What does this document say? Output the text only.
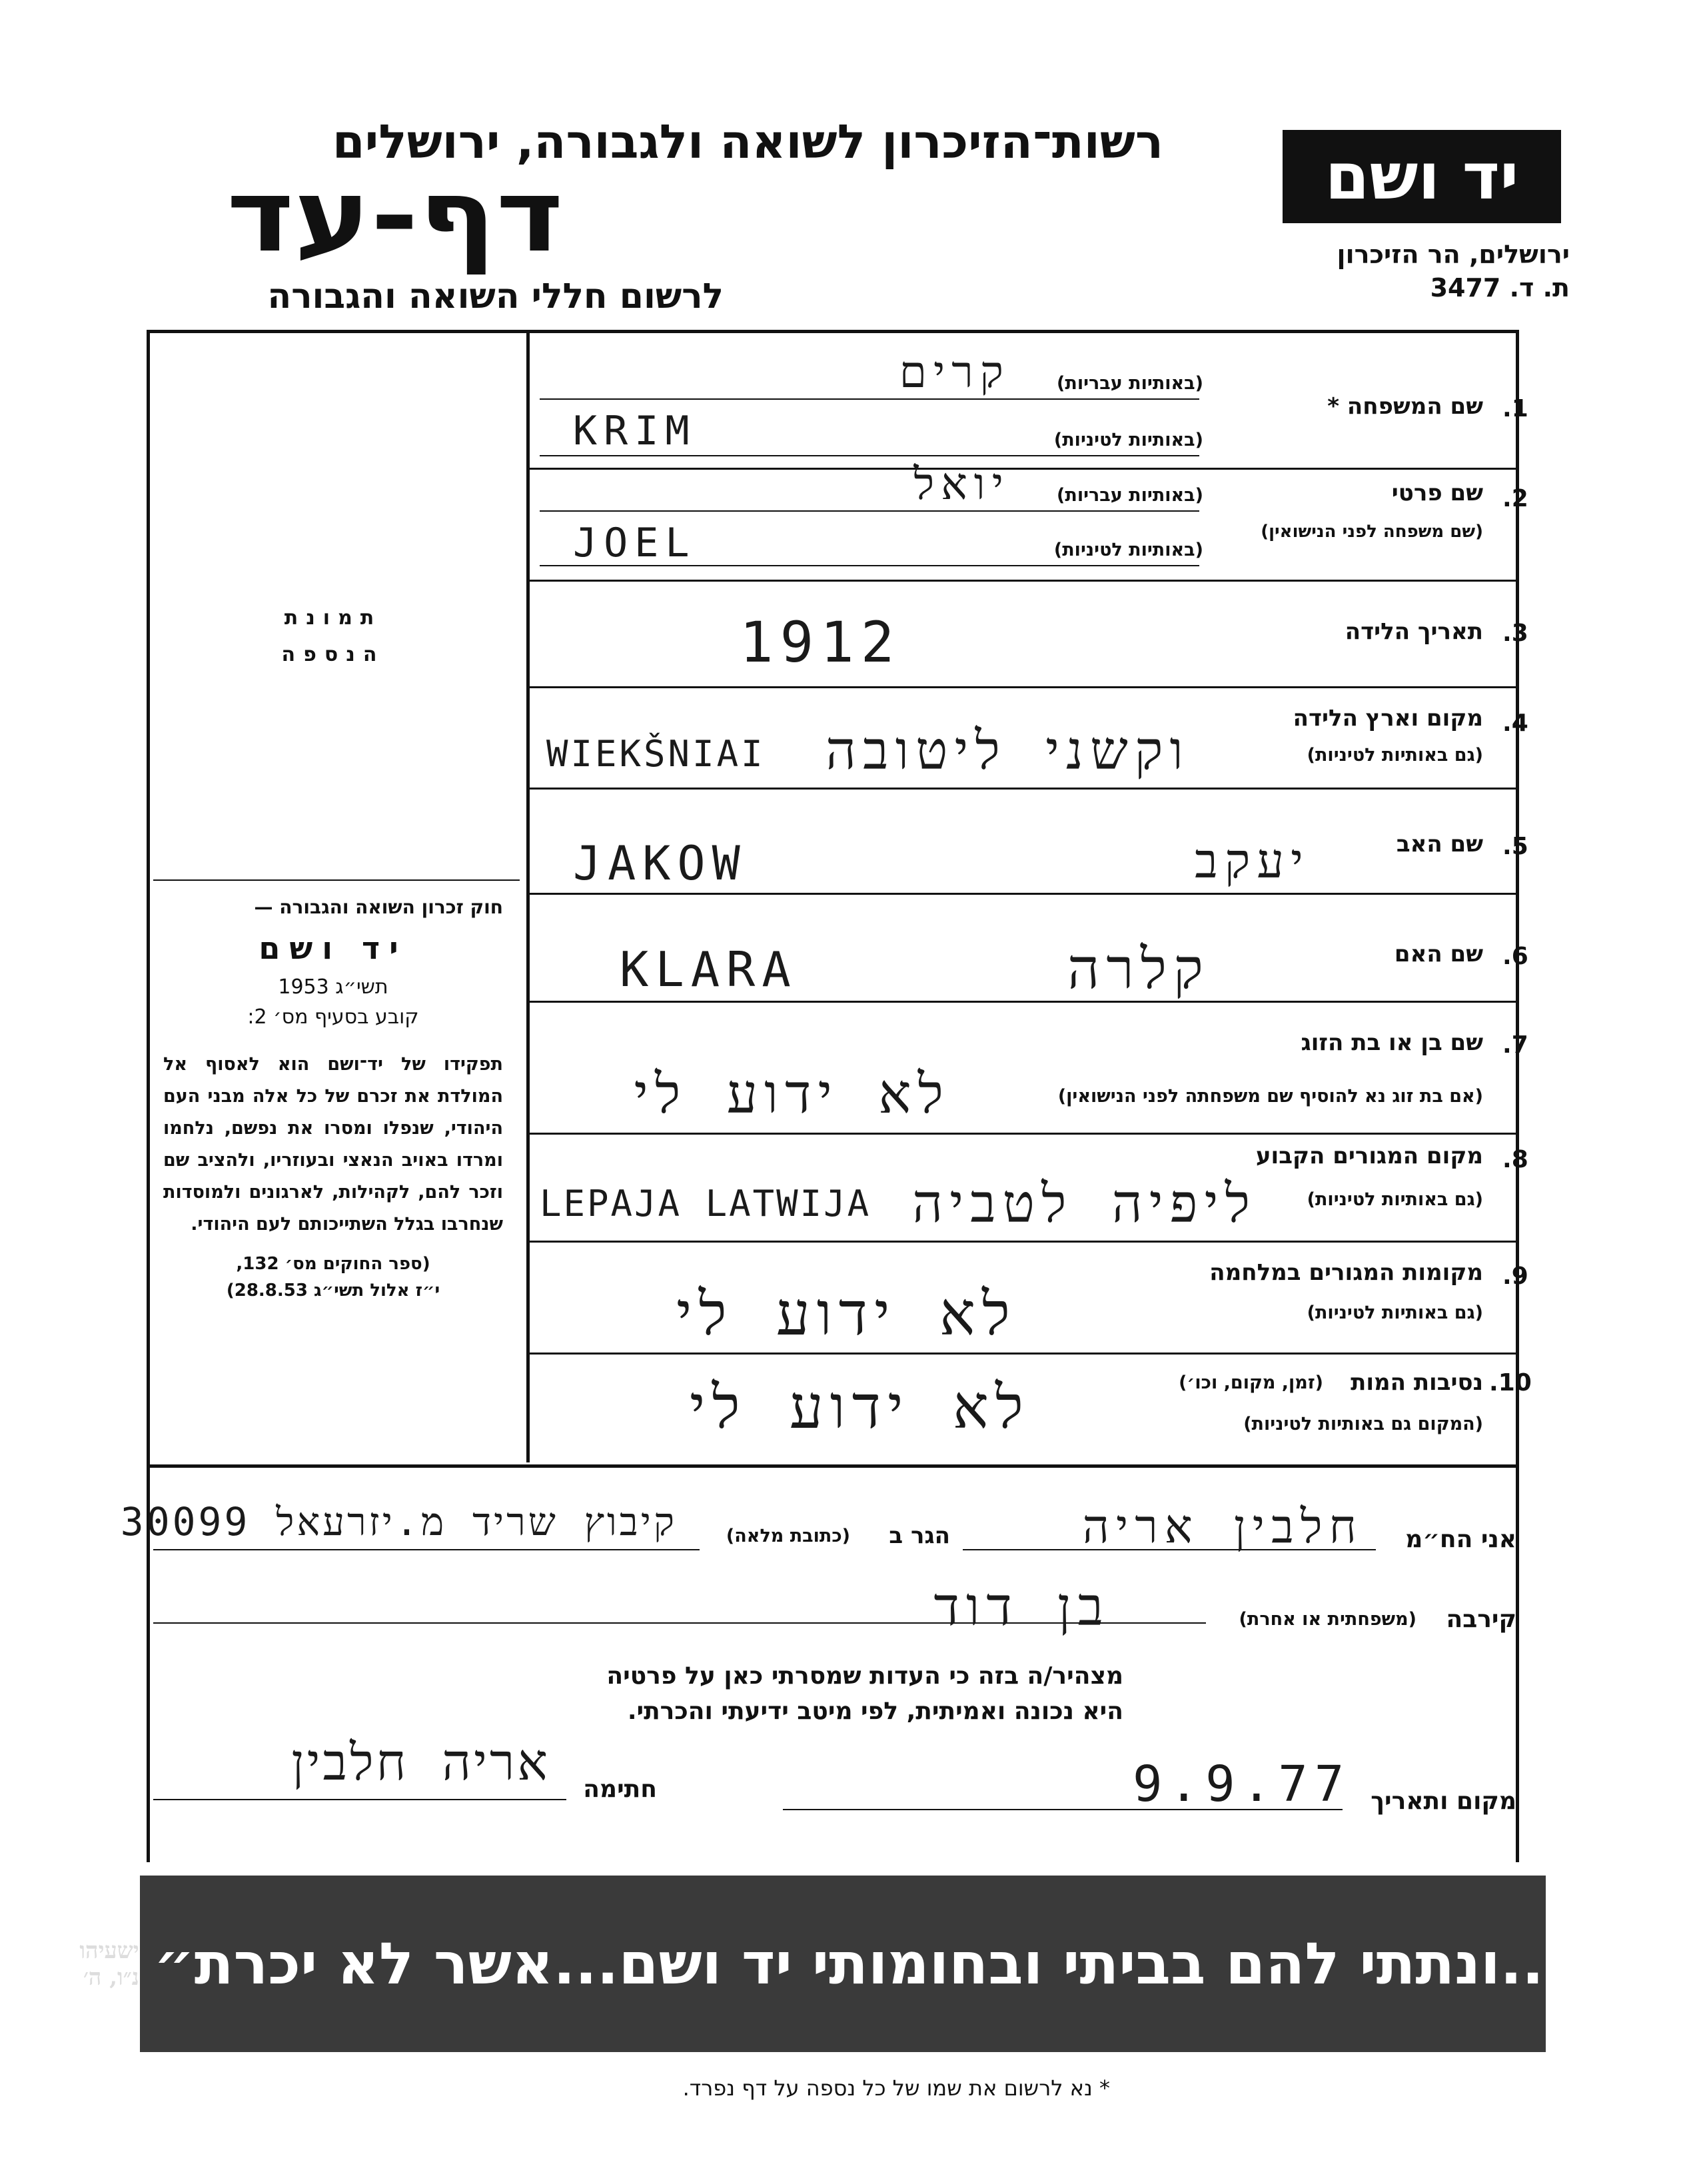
רשות־הזיכרון לשואה ולגבורה, ירושלים
דף-עד
לרשום חללי השואה והגבורה
יד ושם
ירושלים, הר הזיכרון
ת. ד. 3477
תמונת
הנספה
חוק זכרון השואה והגבורה —
יד ושם
תשי״ג 1953
קובע בסעיף מס׳ 2:
תפקידו של יד־ושם הוא לאסוף אל המולדת את זכרם של כל אלה מבני העם היהודי, שנפלו ומסרו את נפשם, נלחמו ומרדו באויב הנאצי ובעוזריו, ולהציב שם וזכר להם, לקהילות, לארגונים ולמוסדות שנחרבו בגלל השתייכותם לעם היהודי.
(ספר החוקים מס׳ 132,
י״ז אלול תשי״ג 28.8.53)
1.
שם המשפחה *
(באותיות עבריות)
קרים
(באותיות לטיניות)
KRIM
2.
שם פרטי
(שם משפחה לפני הנישואין)
(באותיות עבריות)
יואל
(באותיות לטיניות)
JOEL
3.
תאריך הלידה
1912
4.
מקום וארץ הלידה
(גם באותיות לטיניות)
WIEKŠNIAI וקשני ליטובה
5.
שם האב
JAKOW	יעקב
6.
שם האם
KLARA	קלרה
7.
שם בן או בת הזוג
(אם בת זוג נא להוסיף שם משפחתה לפני הנישואין)
לא ידוע לי
8.
מקום המגורים הקבוע
(גם באותיות לטיניות)
LEPAJA LATWIJA ליפיה לטביה
9.
מקומות המגורים במלחמה
(גם באותיות לטיניות)
לא ידוע לי
10.
נסיבות המות
(זמן, מקום, וכו׳)
(המקום גם באותיות לטיניות)
לא ידוע לי
אני הח״מ
חלבין אריה
הגר ב
(כתובת מלאה)
קיבוץ שריד מ.יזרעאל 30099
קירבה
(משפחתית או אחרת)
בן דוד
מצהיר/ה בזה כי העדות שמסרתי כאן על פרטיה
היא נכונה ואמיתית, לפי מיטב ידיעתי והכרתי.
מקום ותאריך
9.9.77
חתימה
אריה חלבין
ישעיהו נ״ו, ה׳ ״...ונתתי להם בביתי ובחומותי יד ושם...אשר לא יכרת״
* נא לרשום את שמו של כל נספה על דף נפרד.
